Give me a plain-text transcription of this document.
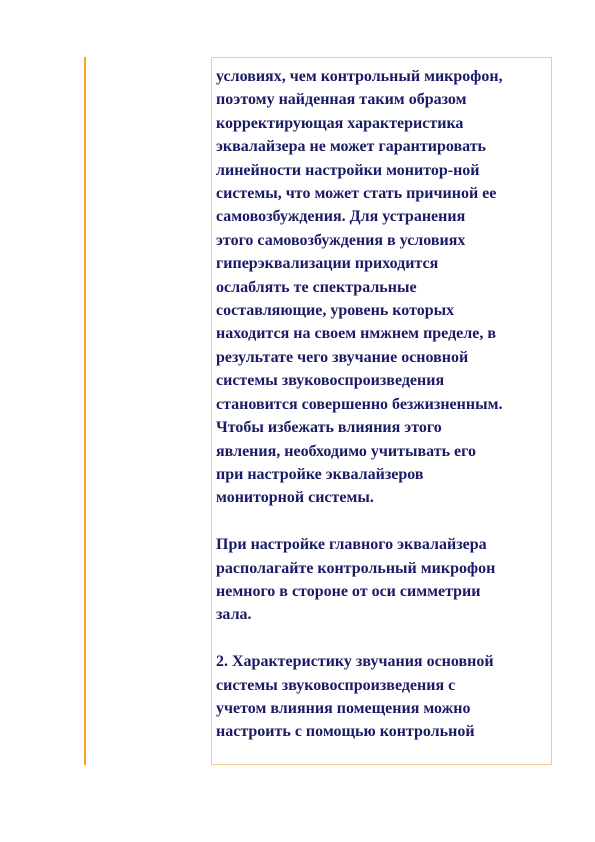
условиях, чем контрольный микрофон,
поэтому найденная таким образом
корректирующая характеристика
эквалайзера не может гарантировать
линейности настройки монитор-ной
системы, что может стать причиной ее
самовозбуждения. Для устранения
этого самовозбуждения в условиях
гиперэквализации приходится
ослаблять те спектральные
составляющие, уровень которых
находится на своем нмжнем пределе, в
результате чего звучание основной
системы звуковоспроизведения
становится совершенно безжизненным.
Чтобы избежать влияния этого
явления, необходимо учитывать его
при настройке эквалайзеров
мониторной системы.

При настройке главного эквалайзера
располагайте контрольный микрофон
немного в стороне от оси симметрии
зала.

2. Характеристику звучания основной
системы звуковоспроизведения с
учетом влияния помещения можно
настроить с помощью контрольной
